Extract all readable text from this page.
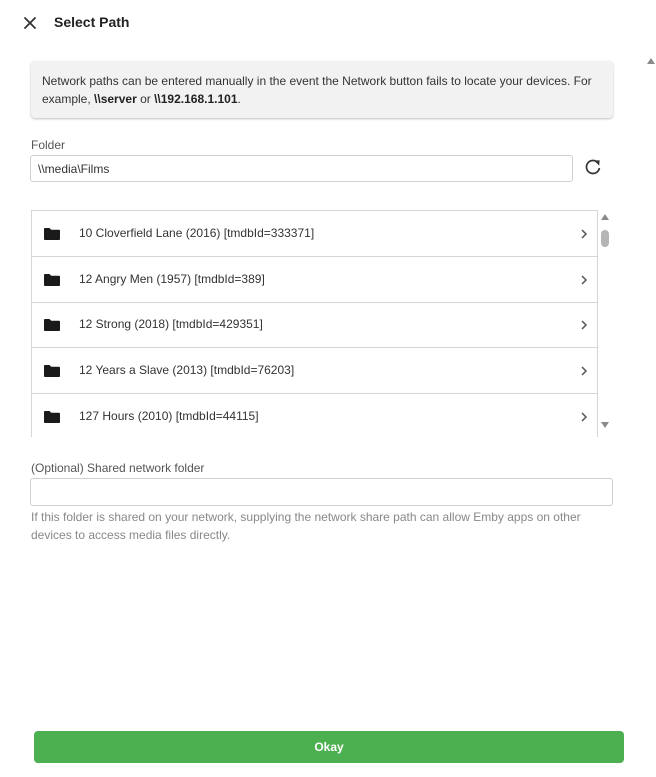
Select Path
Network paths can be entered manually in the event the Network button fails to locate your devices. For example, \\server or \\192.168.1.101.
Folder
\\media\Films
10 Cloverfield Lane (2016) [tmdbId=333371]
12 Angry Men (1957) [tmdbId=389]
12 Strong (2018) [tmdbId=429351]
12 Years a Slave (2013) [tmdbId=76203]
127 Hours (2010) [tmdbId=44115]
(Optional) Shared network folder
If this folder is shared on your network, supplying the network share path can allow Emby apps on other devices to access media files directly.
Okay
